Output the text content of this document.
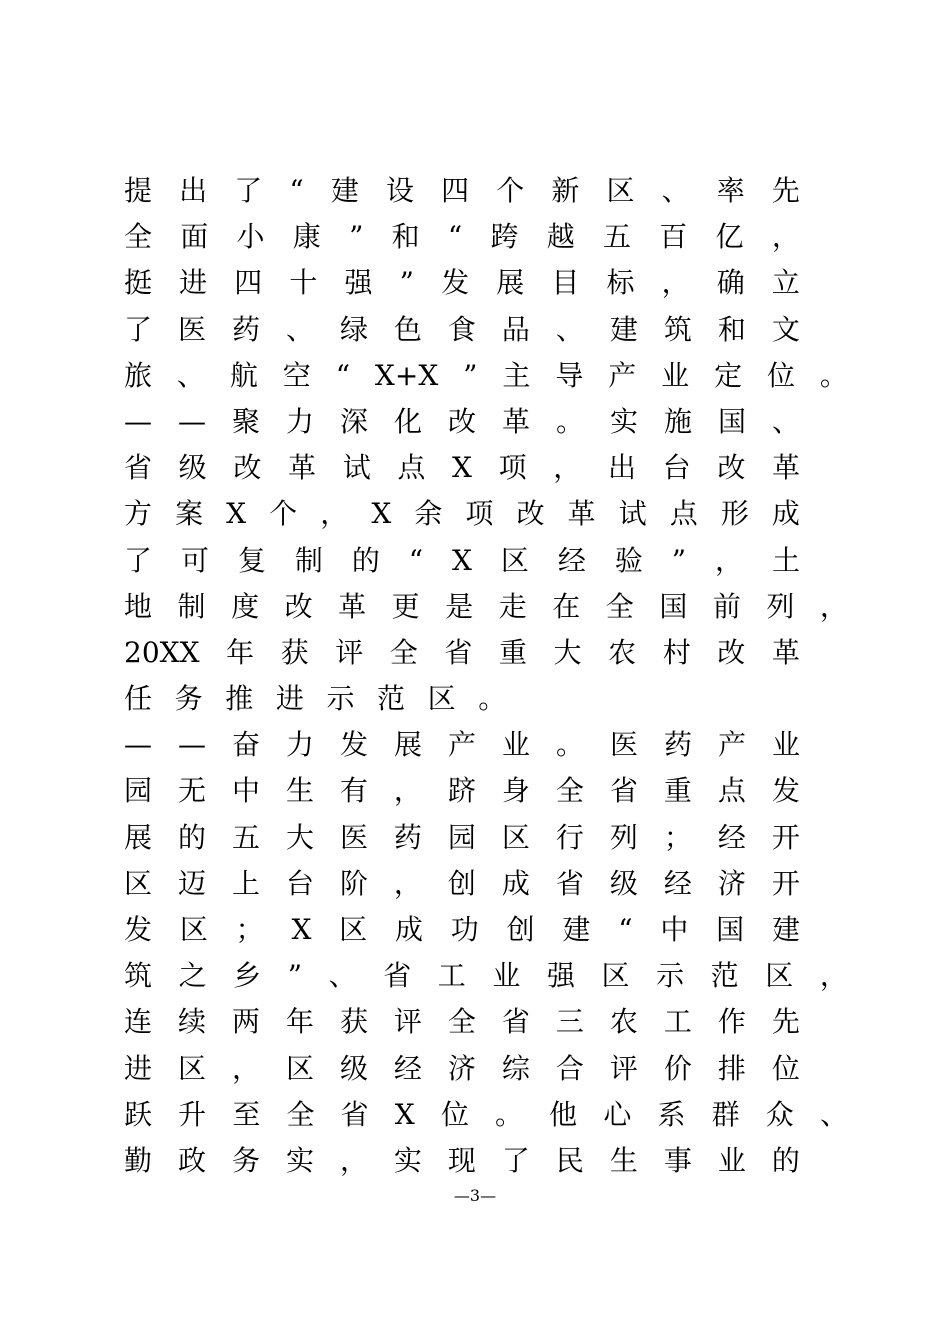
提 出 了 “ 建 设 四 个 新 区 、 率 先
全 面 小 康 ” 和 “ 跨 越 五 百 亿 ，
挺 进 四 十 强 ” 发 展 目 标 ， 确 立
了 医 药 、 绿 色 食 品 、 建 筑 和 文
旅 、 航 空 “ X+X ” 主 导 产 业 定 位 。
— — 聚 力 深 化 改 革 。 实 施 国 、
省 级 改 革 试 点 X 项 ， 出 台 改 革
方 案 X 个 ， X 余 项 改 革 试 点 形 成
了 可 复 制 的 “ X 区 经 验 ” ， 土
地 制 度 改 革 更 是 走 在 全 国 前 列 ，
20XX 年 获 评 全 省 重 大 农 村 改 革
任 务 推 进 示 范 区 。
— — 奋 力 发 展 产 业 。 医 药 产 业
园 无 中 生 有 ， 跻 身 全 省 重 点 发
展 的 五 大 医 药 园 区 行 列 ； 经 开
区 迈 上 台 阶 ， 创 成 省 级 经 济 开
发 区 ； X 区 成 功 创 建 “ 中 国 建
筑 之 乡 ” 、 省 工 业 强 区 示 范 区 ，
连 续 两 年 获 评 全 省 三 农 工 作 先
进 区 ， 区 级 经 济 综 合 评 价 排 位
跃 升 至 全 省 X 位 。 他 心 系 群 众 、
勤 政 务 实 ， 实 现 了 民 生 事 业 的
—3—
